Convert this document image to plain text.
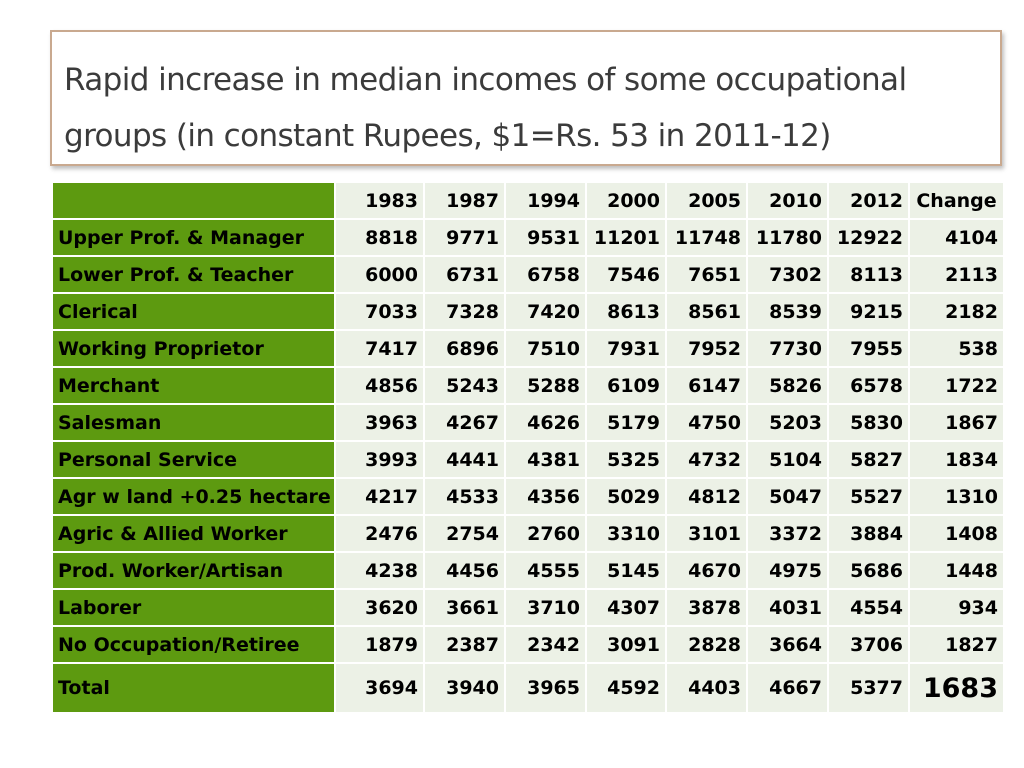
Rapid increase in median incomes of some occupational
groups (in constant Rupees, $1=Rs. 53 in 2011-12)
	1983	1987	1994	2000	2005	2010	2012	Change
Upper Prof. & Manager	8818	9771	9531	11201	11748	11780	12922	4104
Lower Prof. & Teacher	6000	6731	6758	7546	7651	7302	8113	2113
Clerical	7033	7328	7420	8613	8561	8539	9215	2182
Working Proprietor	7417	6896	7510	7931	7952	7730	7955	538
Merchant	4856	5243	5288	6109	6147	5826	6578	1722
Salesman	3963	4267	4626	5179	4750	5203	5830	1867
Personal Service	3993	4441	4381	5325	4732	5104	5827	1834
Agr w land +0.25 hectare	4217	4533	4356	5029	4812	5047	5527	1310
Agric & Allied Worker	2476	2754	2760	3310	3101	3372	3884	1408
Prod. Worker/Artisan	4238	4456	4555	5145	4670	4975	5686	1448
Laborer	3620	3661	3710	4307	3878	4031	4554	934
No Occupation/Retiree	1879	2387	2342	3091	2828	3664	3706	1827
Total	3694	3940	3965	4592	4403	4667	5377	1683
